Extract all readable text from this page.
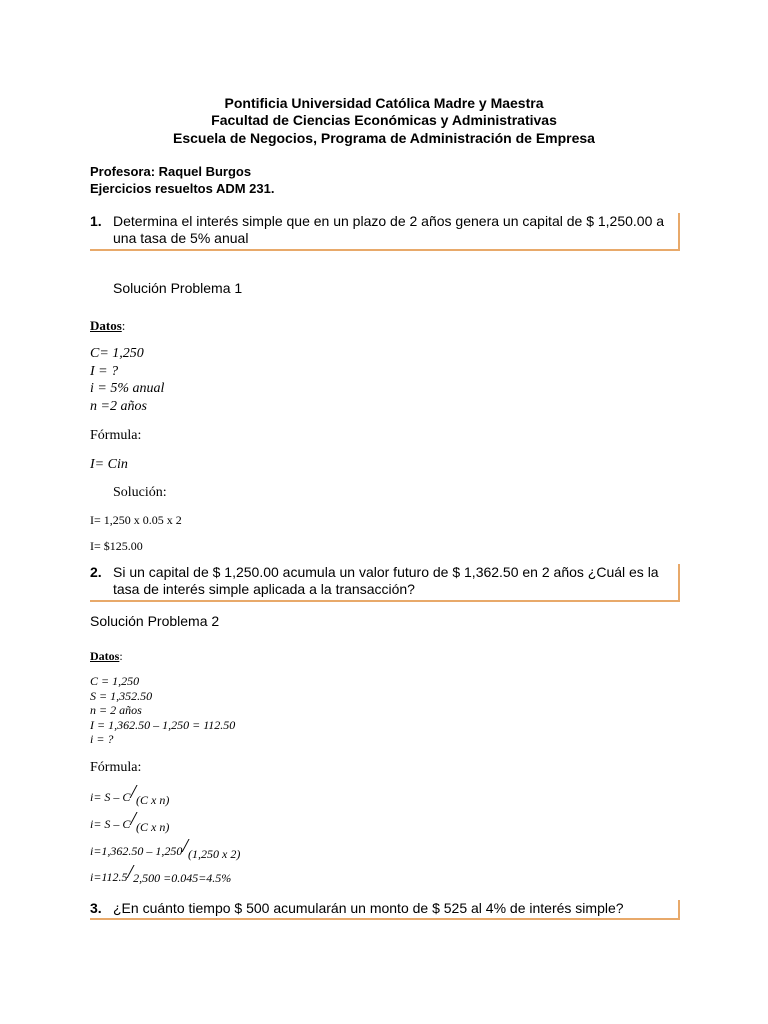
Pontificia Universidad Católica Madre y Maestra
Facultad de Ciencias Económicas y Administrativas
Escuela de Negocios, Programa de Administración de Empresa
Profesora: Raquel Burgos
Ejercicios resueltos ADM 231.
1. Determina el interés simple que en un plazo de 2 años genera un capital de $ 1,250.00 a una tasa de 5% anual
Solución Problema 1
Datos:
C= 1,250
I = ?
i = 5% anual
n =2 años
Fórmula:
I= Cin
Solución:
I= 1,250 x 0.05 x 2
I= $125.00
2. Si un capital de $ 1,250.00 acumula un valor futuro de $ 1,362.50 en 2 años ¿Cuál es la tasa de interés simple aplicada a la transacción?
Solución Problema 2
Datos:
C = 1,250
S = 1,352.50
n = 2 años
I = 1,362.50 – 1,250 = 112.50
i = ?
Fórmula:
i= S – C/(C x n)
i= S – C/(C x n)
i=1,362.50 – 1,250/(1,250 x 2)
i=112.5/2,500 =0.045=4.5%
3. ¿En cuánto tiempo $ 500 acumularán un monto de $ 525 al 4% de interés simple?
